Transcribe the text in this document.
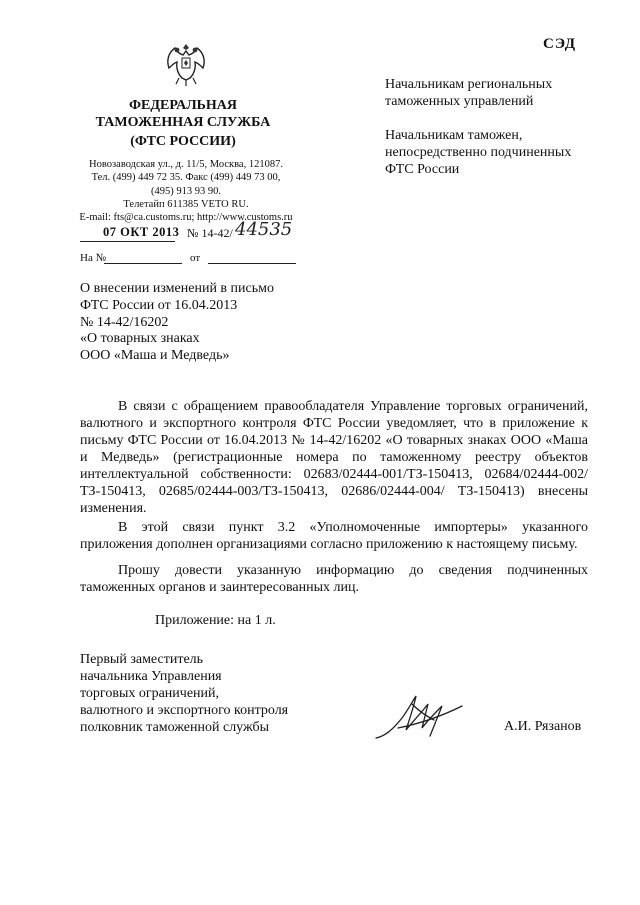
СЭД
ФЕДЕРАЛЬНАЯ
ТАМОЖЕННАЯ СЛУЖБА
(ФТС РОССИИ)
Новозаводская ул., д. 11/5, Москва, 121087.
Тел. (499) 449 72 35. Факс (499) 449 73 00,
(495) 913 93 90.
Телетайп 611385 VETO RU.
E-mail: fts@ca.customs.ru; http://www.customs.ru
07 ОКТ 2013 № 14-42/ 44535
На №	от
Начальникам региональных
таможенных управлений
Начальникам таможен,
непосредственно подчиненных
ФТС России
О внесении изменений в письмо
ФТС России от 16.04.2013
№ 14-42/16202
«О товарных знаках
ООО «Маша и Медведь»

В связи с обращением правообладателя Управление торговых ограничений, валютного и экспортного контроля ФТС России уведомляет, что в приложение к письму ФТС России от 16.04.2013 № 14-42/16202 «О товарных знаках ООО «Маша и Медведь» (регистрационные номера по таможенному реестру объектов интеллектуальной собственности: 02683/02444-001/ТЗ-150413, 02684/02444-002/ТЗ-150413, 02685/02444-003/ТЗ-150413, 02686/02444-004/ ТЗ-150413) внесены изменения.

В этой связи пункт 3.2 «Уполномоченные импортеры» указанного приложения дополнен организациями согласно приложению к настоящему письму.

Прошу довести указанную информацию до сведения подчиненных таможенных органов и заинтересованных лиц.

Приложение: на 1 л.
Первый заместитель
начальника Управления
торговых ограничений,
валютного и экспортного контроля
полковник таможенной службы	А.И. Рязанов
